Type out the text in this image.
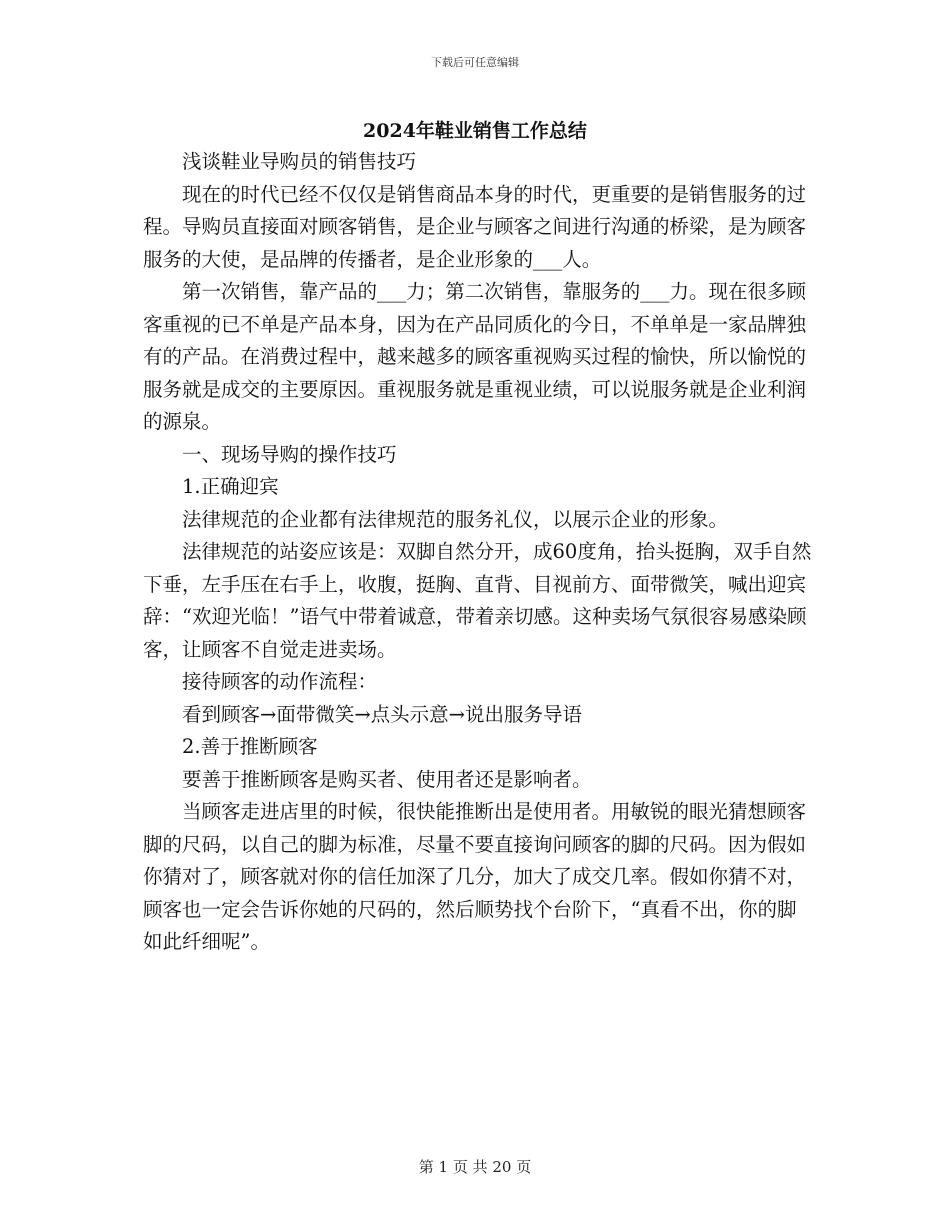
下载后可任意编辑
2024年鞋业销售工作总结

浅谈鞋业导购员的销售技巧

现在的时代已经不仅仅是销售商品本身的时代，更重要的是销售服务的过程。导购员直接面对顾客销售，是企业与顾客之间进行沟通的桥梁，是为顾客服务的大使，是品牌的传播者，是企业形象的___人。

第一次销售，靠产品的___力；第二次销售，靠服务的___力。现在很多顾客重视的已不单是产品本身，因为在产品同质化的今日，不单单是一家品牌独有的产品。在消费过程中，越来越多的顾客重视购买过程的愉快，所以愉悦的服务就是成交的主要原因。重视服务就是重视业绩，可以说服务就是企业利润的源泉。

一、现场导购的操作技巧

1.正确迎宾

法律规范的企业都有法律规范的服务礼仪，以展示企业的形象。

法律规范的站姿应该是：双脚自然分开，成60度角，抬头挺胸，双手自然下垂，左手压在右手上，收腹，挺胸、直背、目视前方、面带微笑，喊出迎宾辞：“欢迎光临！”语气中带着诚意，带着亲切感。这种卖场气氛很容易感染顾客，让顾客不自觉走进卖场。

接待顾客的动作流程：

看到顾客→面带微笑→点头示意→说出服务导语

2.善于推断顾客

要善于推断顾客是购买者、使用者还是影响者。

当顾客走进店里的时候，很快能推断出是使用者。用敏锐的眼光猜想顾客脚的尺码，以自己的脚为标准，尽量不要直接询问顾客的脚的尺码。因为假如你猜对了，顾客就对你的信任加深了几分，加大了成交几率。假如你猜不对，顾客也一定会告诉你她的尺码的，然后顺势找个台阶下，“真看不出，你的脚如此纤细呢”。

第 1 页 共 20 页
